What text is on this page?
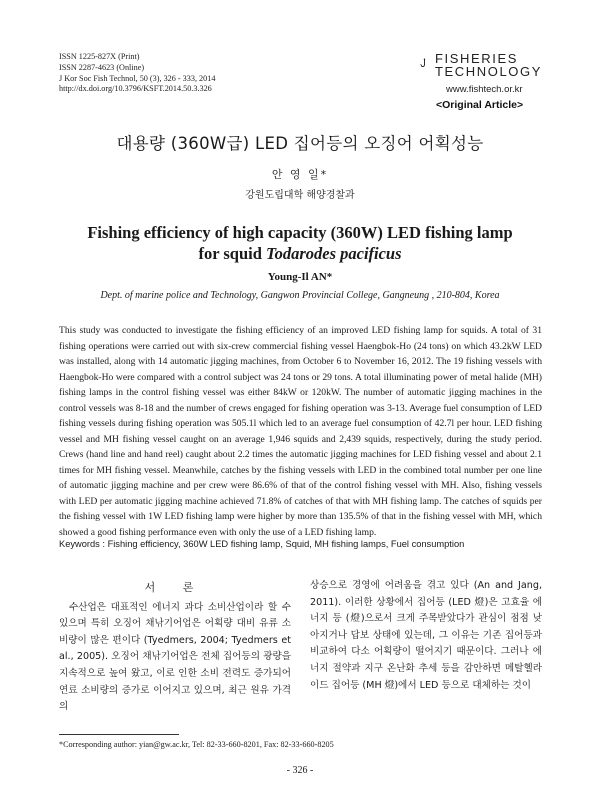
ISSN 1225-827X (Print)
ISSN 2287-4623 (Online)
J Kor Soc Fish Technol, 50 (3), 326 - 333, 2014
http://dx.doi.org/10.3796/KSFT.2014.50.3.326
FISHERIES
TECHNOLOGY
www.fishtech.or.kr
<Original Article>
대용량 (360W급) LED 집어등의 오징어 어획성능
안 영 일*
강원도립대학 해양경찰과
Fishing efficiency of high capacity (360W) LED fishing lamp
for squid Todarodes pacificus
Young-Il AN*
Dept. of marine police and Technology, Gangwon Provincial College, Gangneung , 210-804, Korea
This study was conducted to investigate the fishing efficiency of an improved LED fishing lamp for squids. A total of 31 fishing operations were carried out with six-crew commercial fishing vessel Haengbok-Ho (24 tons) on which 43.2kW LED was installed, along with 14 automatic jigging machines, from October 6 to November 16, 2012. The 19 fishing vessels with Haengbok-Ho were compared with a control subject was 24 tons or 29 tons. A total illuminating power of metal halide (MH) fishing lamps in the control fishing vessel was either 84kW or 120kW. The number of automatic jigging machines in the control vessels was 8-18 and the number of crews engaged for fishing operation was 3-13. Average fuel consumption of LED fishing vessels during fishing operation was 505.1l which led to an average fuel consumption of 42.7l per hour. LED fishing vessel and MH fishing vessel caught on an average 1,946 squids and 2,439 squids, respectively, during the study period. Crews (hand line and hand reel) caught about 2.2 times the automatic jigging machines for LED fishing vessel and about 2.1 times for MH fishing vessel. Meanwhile, catches by the fishing vessels with LED in the combined total number per one line of automatic jigging machine and per crew were 86.6% of that of the control fishing vessel with MH. Also, fishing vessels with LED per automatic jigging machine achieved 71.8% of catches of that with MH fishing lamp. The catches of squids per the fishing vessel with 1W LED fishing lamp were higher by more than 135.5% of that in the fishing vessel with MH, which showed a good fishing performance even with only the use of a LED fishing lamp.
Keywords : Fishing efficiency, 360W LED fishing lamp, Squid, MH fishing lamps, Fuel consumption
서 론

수산업은 대표적인 에너지 과다 소비산업이라 할 수 있으며 특히 오징어 채낚기어업은 어획량 대비 유류 소비량이 많은 편이다 (Tyedmers, 2004; Tyedmers et al., 2005). 오징어 채낚기어업은 전체 집어등의 광량을 지속적으로 높여 왔고, 이로 인한 소비 전력도 증가되어 연료 소비량의 증가로 이어지고 있으며, 최근 원유 가격의

상승으로 경영에 어려움을 겪고 있다 (An and Jang, 2011). 이러한 상황에서 집어등 (LED 燈)은 고효율 에너지 등 (燈)으로서 크게 주목받았다가 관심이 점점 낮아지거나 답보 상태에 있는데, 그 이유는 기존 집어등과 비교하여 다소 어획량이 떨어지기 때문이다. 그러나 에너지 절약과 지구 온난화 추세 등을 감안하면 메탈헬라이드 집어등 (MH 燈)에서 LED 등으로 대체하는 것이
*Corresponding author: yian@gw.ac.kr, Tel: 82-33-660-8201, Fax: 82-33-660-8205
- 326 -
